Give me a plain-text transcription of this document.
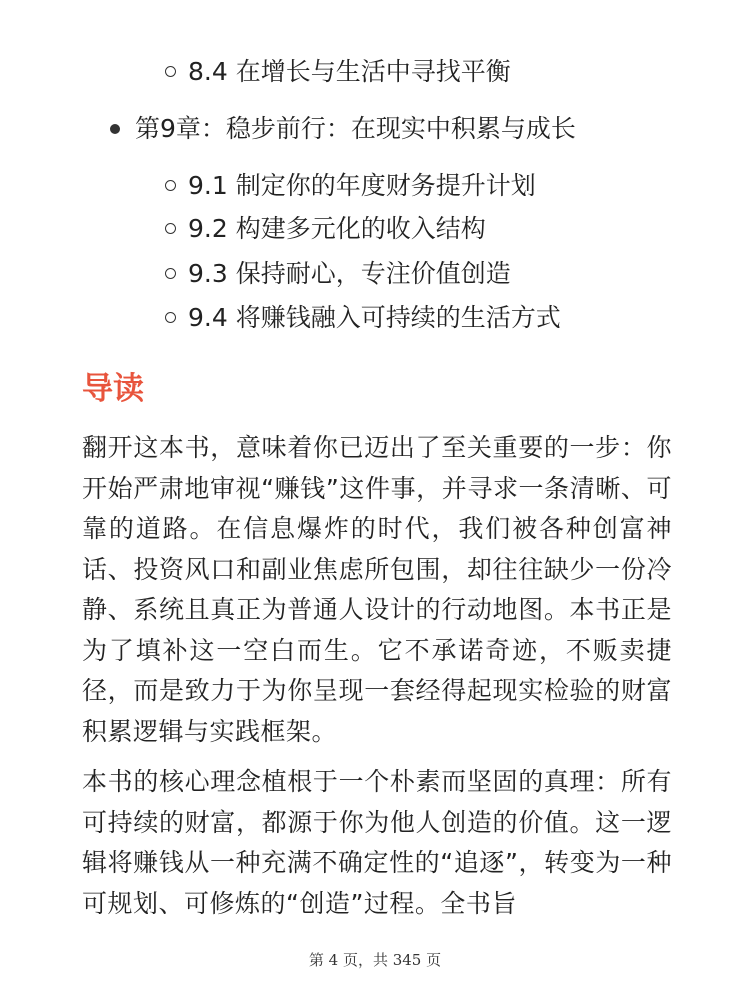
8.4 在增长与生活中寻找平衡
第9章：稳步前行：在现实中积累与成长
9.1 制定你的年度财务提升计划
9.2 构建多元化的收入结构
9.3 保持耐心，专注价值创造
9.4 将赚钱融入可持续的生活方式
导读

翻开这本书，意味着你已迈出了至关重要的一步：你开始严肃地审视“赚钱”这件事，并寻求一条清晰、可靠的道路。在信息爆炸的时代，我们被各种创富神话、投资风口和副业焦虑所包围，却往往缺少一份冷静、系统且真正为普通人设计的行动地图。本书正是为了填补这一空白而生。它不承诺奇迹，不贩卖捷径，而是致力于为你呈现一套经得起现实检验的财富积累逻辑与实践框架。

本书的核心理念植根于一个朴素而坚固的真理：所有可持续的财富，都源于你为他人创造的价值。这一逻辑将赚钱从一种充满不确定性的“追逐”，转变为一种可规划、可修炼的“创造”过程。全书旨

第 4 页，共 345 页
